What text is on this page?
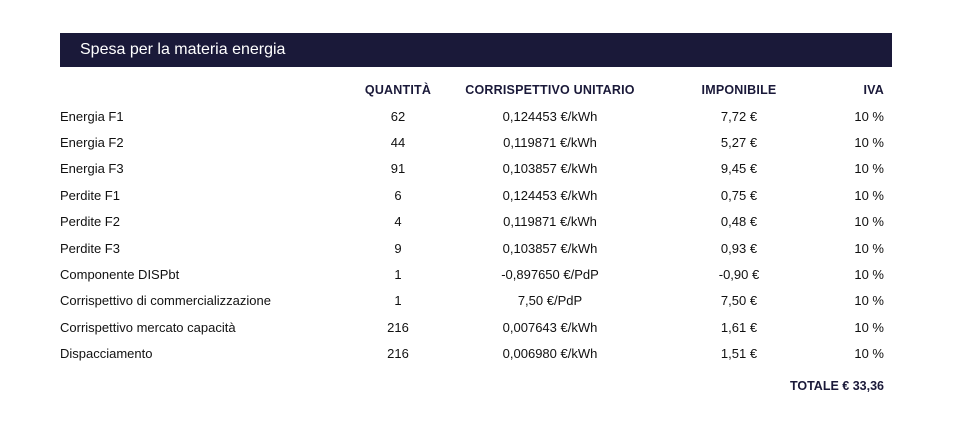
Spesa per la materia energia
	QUANTITÀ	CORRISPETTIVO UNITARIO	IMPONIBILE	IVA
Energia F1	62	0,124453 €/kWh	7,72 €	10 %
Energia F2	44	0,119871 €/kWh	5,27 €	10 %
Energia F3	91	0,103857 €/kWh	9,45 €	10 %
Perdite F1	6	0,124453 €/kWh	0,75 €	10 %
Perdite F2	4	0,119871 €/kWh	0,48 €	10 %
Perdite F3	9	0,103857 €/kWh	0,93 €	10 %
Componente DISPbt	1	-0,897650 €/PdP	-0,90 €	10 %
Corrispettivo di commercializzazione	1	7,50 €/PdP	7,50 €	10 %
Corrispettivo mercato capacità	216	0,007643 €/kWh	1,61 €	10 %
Dispacciamento	216	0,006980 €/kWh	1,51 €	10 %
TOTALE € 33,36
